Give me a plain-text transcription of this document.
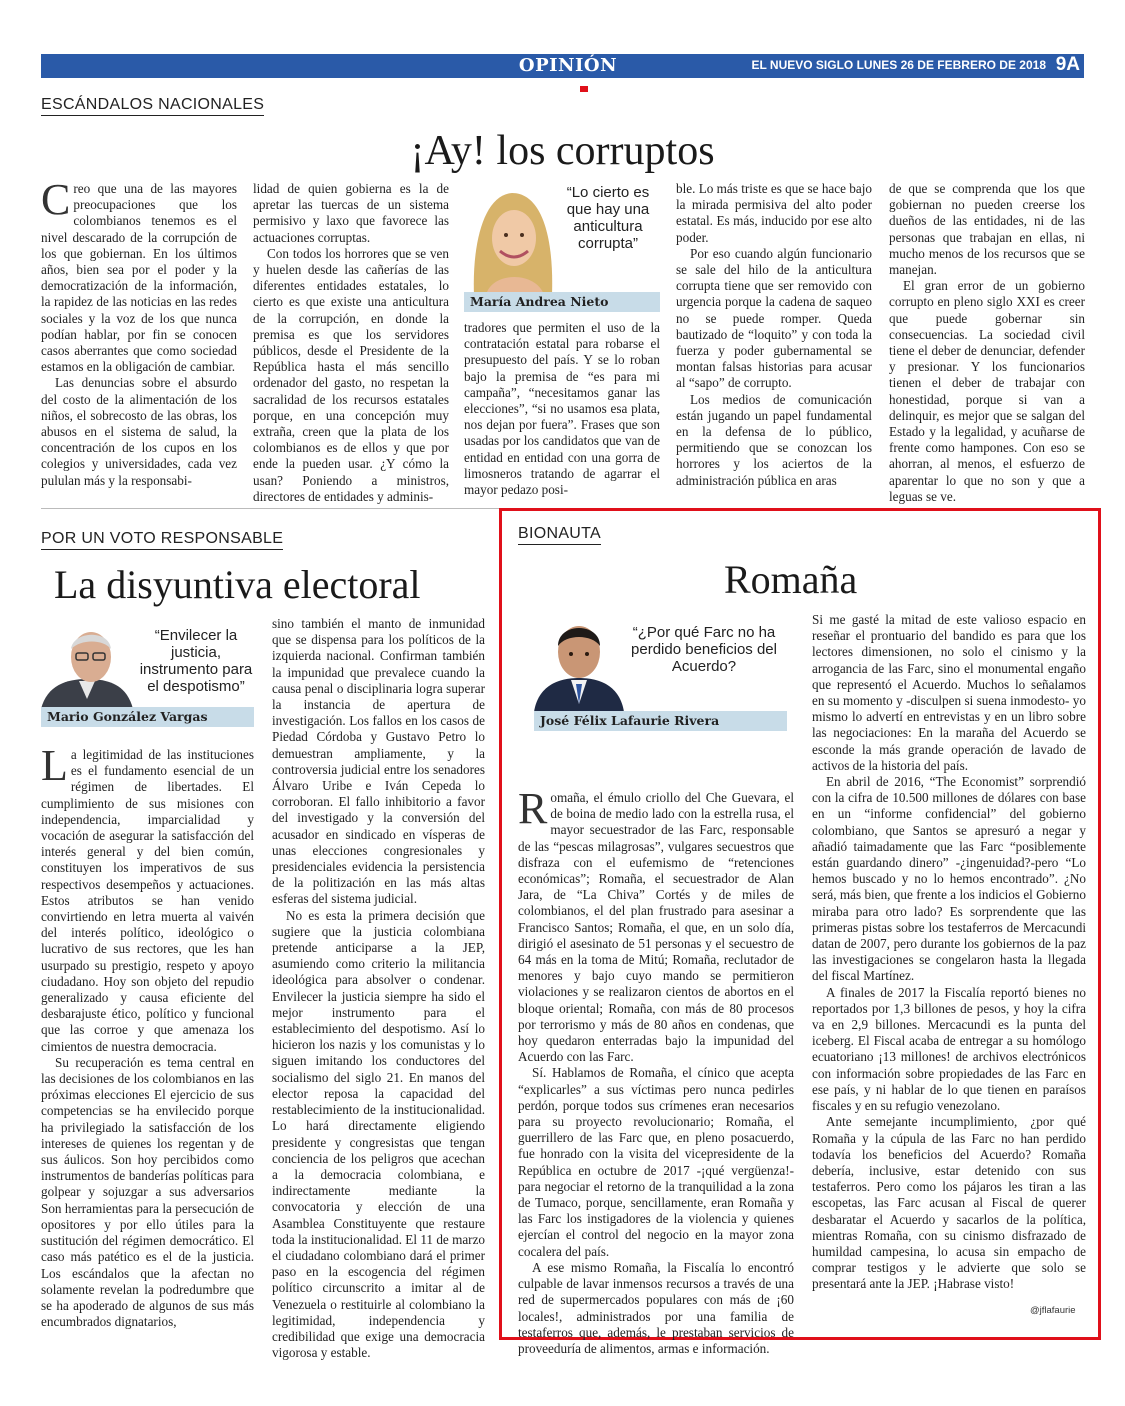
OPINIÓN	EL NUEVO SIGLO LUNES 26 DE FEBRERO DE 2018 9A
ESCÁNDALOS NACIONALES
¡Ay! los corruptos

Creo que una de las mayores preocupaciones que los colombianos tenemos es el nivel descarado de la corrupción de los que gobiernan. En los últimos años, bien sea por el poder y la democratización de la información, la rapidez de las noticias en las redes sociales y la voz de los que nunca podían hablar, por fin se conocen casos aberrantes que como sociedad estamos en la obligación de cambiar.

Las denuncias sobre el absurdo del costo de la alimentación de los niños, el sobrecosto de las obras, los abusos en el sistema de salud, la concentración de los cupos en los colegios y universidades, cada vez pululan más y la responsabi-

lidad de quien gobierna es la de apretar las tuercas de un sistema permisivo y laxo que favorece las actuaciones corruptas.

Con todos los horrores que se ven y huelen desde las cañerías de las diferentes entidades estatales, lo cierto es que existe una anticultura de la corrupción, en donde la premisa es que los servidores públicos, desde el Presidente de la República hasta el más sencillo ordenador del gasto, no respetan la sacralidad de los recursos estatales porque, en una concepción muy extraña, creen que la plata de los colombianos es de ellos y que por ende la pueden usar. ¿Y cómo la usan? Poniendo a ministros, directores de entidades y adminis-

“Lo cierto es que hay una anticultura corrupta”
María Andrea Nieto

tradores que permiten el uso de la contratación estatal para robarse el presupuesto del país. Y se lo roban bajo la premisa de “es para mi campaña”, “necesitamos ganar las elecciones”, “si no usamos esa plata, nos dejan por fuera”. Frases que son usadas por los candidatos que van de entidad en entidad con una gorra de limosneros tratando de agarrar el mayor pedazo posi-

ble. Lo más triste es que se hace bajo la mirada permisiva del alto poder estatal. Es más, inducido por ese alto poder.

Por eso cuando algún funcionario se sale del hilo de la anticultura corrupta tiene que ser removido con urgencia porque la cadena de saqueo no se puede romper. Queda bautizado de “loquito” y con toda la fuerza y poder gubernamental se montan falsas historias para acusar al “sapo” de corrupto.

Los medios de comunicación están jugando un papel fundamental en la defensa de lo público, permitiendo que se conozcan los horrores y los aciertos de la administración pública en aras

de que se comprenda que los que gobiernan no pueden creerse los dueños de las entidades, ni de las personas que trabajan en ellas, ni mucho menos de los recursos que se manejan.

El gran error de un gobierno corrupto en pleno siglo XXI es creer que puede gobernar sin consecuencias. La sociedad civil tiene el deber de denunciar, defender y presionar. Y los funcionarios tienen el deber de trabajar con honestidad, porque si van a delinquir, es mejor que se salgan del Estado y la legalidad, y acuñarse de frente como hampones. Con eso se ahorran, al menos, el esfuerzo de aparentar lo que no son y que a leguas se ve.

POR UN VOTO RESPONSABLE
La disyuntiva electoral
“Envilecer la justicia, instrumento para el despotismo”
Mario González Vargas

La legitimidad de las instituciones es el fundamento esencial de un régimen de libertades. El cumplimiento de sus misiones con independencia, imparcialidad y vocación de asegurar la satisfacción del interés general y del bien común, constituyen los imperativos de sus respectivos desempeños y actuaciones. Estos atributos se han venido convirtiendo en letra muerta al vaivén del interés político, ideológico o lucrativo de sus rectores, que les han usurpado su prestigio, respeto y apoyo ciudadano. Hoy son objeto del repudio generalizado y causa eficiente del desbarajuste ético, político y funcional que las corroe y que amenaza los cimientos de nuestra democracia.

Su recuperación es tema central en las decisiones de los colombianos en las próximas elecciones El ejercicio de sus competencias se ha envilecido porque ha privilegiado la satisfacción de los intereses de quienes los regentan y de sus áulicos. Son hoy percibidos como instrumentos de banderías políticas para golpear y sojuzgar a sus adversarios Son herramientas para la persecución de opositores y por ello útiles para la sustitución del régimen democrático. El caso más patético es el de la justicia. Los escándalos que la afectan no solamente revelan la podredumbre que se ha apoderado de algunos de sus más encumbrados dignatarios,

sino también el manto de inmunidad que se dispensa para los políticos de la izquierda nacional. Confirman también la impunidad que prevalece cuando la causa penal o disciplinaria logra superar la instancia de apertura de investigación. Los fallos en los casos de Piedad Córdoba y Gustavo Petro lo demuestran ampliamente, y la controversia judicial entre los senadores Álvaro Uribe e Iván Cepeda lo corroboran. El fallo inhibitorio a favor del investigado y la conversión del acusador en sindicado en vísperas de unas elecciones congresionales y presidenciales evidencia la persistencia de la politización en las más altas esferas del sistema judicial.

No es esta la primera decisión que sugiere que la justicia colombiana pretende anticiparse a la JEP, asumiendo como criterio la militancia ideológica para absolver o condenar. Envilecer la justicia siempre ha sido el mejor instrumento para el establecimiento del despotismo. Así lo hicieron los nazis y los comunistas y lo siguen imitando los conductores del socialismo del siglo 21. En manos del elector reposa la capacidad del restablecimiento de la institucionalidad. Lo hará directamente eligiendo presidente y congresistas que tengan conciencia de los peligros que acechan a la democracia colombiana, e indirectamente mediante la convocatoria y elección de una Asamblea Constituyente que restaure toda la institucionalidad. El 11 de marzo el ciudadano colombiano dará el primer paso en la escogencia del régimen político circunscrito a imitar al de Venezuela o restituirle al colombiano la legitimidad, independencia y credibilidad que exige una democracia vigorosa y estable.

BIONAUTA
Romaña
“¿Por qué Farc no ha perdido beneficios del Acuerdo?
José Félix Lafaurie Rivera

Romaña, el émulo criollo del Che Guevara, el de boina de medio lado con la estrella rusa, el mayor secuestrador de las Farc, responsable de las “pescas milagrosas”, vulgares secuestros que disfraza con el eufemismo de “retenciones económicas”; Romaña, el secuestrador de Alan Jara, de “La Chiva” Cortés y de miles de colombianos, el del plan frustrado para asesinar a Francisco Santos; Romaña, el que, en un solo día, dirigió el asesinato de 51 personas y el secuestro de 64 más en la toma de Mitú; Romaña, reclutador de menores y bajo cuyo mando se permitieron violaciones y se realizaron cientos de abortos en el bloque oriental; Romaña, con más de 80 procesos por terrorismo y más de 80 años en condenas, que hoy quedaron enterradas bajo la impunidad del Acuerdo con las Farc.

Sí. Hablamos de Romaña, el cínico que acepta “explicarles” a sus víctimas pero nunca pedirles perdón, porque todos sus crímenes eran necesarios para su proyecto revolucionario; Romaña, el guerrillero de las Farc que, en pleno posacuerdo, fue honrado con la visita del vicepresidente de la República en octubre de 2017 -¡qué vergüenza!- para negociar el retorno de la tranquilidad a la zona de Tumaco, porque, sencillamente, eran Romaña y las Farc los instigadores de la violencia y quienes ejercían el control del negocio en la mayor zona cocalera del país.

A ese mismo Romaña, la Fiscalía lo encontró culpable de lavar inmensos recursos a través de una red de supermercados populares con más de ¡60 locales!, administrados por una familia de testaferros que, además, le prestaban servicios de proveeduría de alimentos, armas e información.

Si me gasté la mitad de este valioso espacio en reseñar el prontuario del bandido es para que los lectores dimensionen, no solo el cinismo y la arrogancia de las Farc, sino el monumental engaño que representó el Acuerdo. Muchos lo señalamos en su momento y -disculpen si suena inmodesto- yo mismo lo advertí en entrevistas y en un libro sobre las negociaciones: En la maraña del Acuerdo se esconde la más grande operación de lavado de activos de la historia del país.

En abril de 2016, “The Economist” sorprendió con la cifra de 10.500 millones de dólares con base en un “informe confidencial” del gobierno colombiano, que Santos se apresuró a negar y añadió taimadamente que las Farc “posiblemente están guardando dinero” -¿ingenuidad?-pero “Lo hemos buscado y no lo hemos encontrado”. ¿No será, más bien, que frente a los indicios el Gobierno miraba para otro lado? Es sorprendente que las primeras pistas sobre los testaferros de Mercacundi datan de 2007, pero durante los gobiernos de la paz las investigaciones se congelaron hasta la llegada del fiscal Martínez.

A finales de 2017 la Fiscalía reportó bienes no reportados por 1,3 billones de pesos, y hoy la cifra va en 2,9 billones. Mercacundi es la punta del iceberg. El Fiscal acaba de entregar a su homólogo ecuatoriano ¡13 millones! de archivos electrónicos con información sobre propiedades de las Farc en ese país, y ni hablar de lo que tienen en paraísos fiscales y en su refugio venezolano.

Ante semejante incumplimiento, ¿por qué Romaña y la cúpula de las Farc no han perdido todavía los beneficios del Acuerdo? Romaña debería, inclusive, estar detenido con sus testaferros. Pero como los pájaros les tiran a las escopetas, las Farc acusan al Fiscal de querer desbaratar el Acuerdo y sacarlos de la política, mientras Romaña, con su cinismo disfrazado de humildad campesina, lo acusa sin empacho de comprar testigos y le advierte que solo se presentará ante la JEP. ¡Habrase visto!

@jflafaurie
